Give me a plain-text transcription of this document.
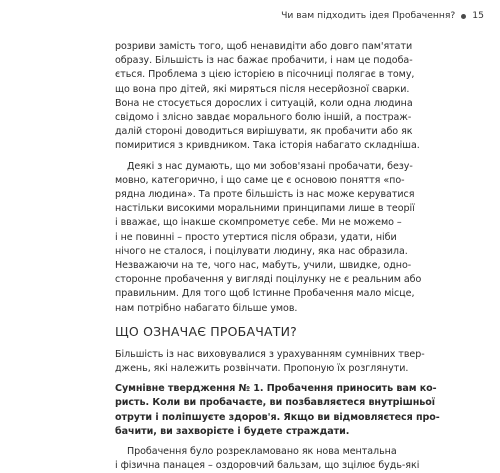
Чи вам підходить ідея Пробачення? 15
розриви замість того, щоб ненавидіти або довго пам'ятати
образу. Більшість із нас бажає пробачити, і нам це подоба-
ється. Проблема з цією історією в пісочниці полягає в тому,
що вона про дітей, які миряться після несерйозної сварки.
Вона не стосується дорослих і ситуацій, коли одна людина
свідомо і злісно завдає морального болю іншій, а постраж-
далій стороні доводиться вирішувати, як пробачити або як
помиритися з кривдником. Така історія набагато складніша.
Деякі з нас думають, що ми зобов'язані пробачати, безу-
мовно, категорично, і що саме це є основою поняття «по-
рядна людина». Та проте більшість із нас може керуватися
настільки високими моральними принципами лише в теорії
і вважає, що інакше скомпрометує себе. Ми не можемо –
і не повинні – просто утертися після образи, удати, ніби
нічого не сталося, і поцілувати людину, яка нас образила.
Незважаючи на те, чого нас, мабуть, учили, швидке, одно-
сторонне пробачення у вигляді поцілунку не є реальним або
правильним. Для того щоб Істинне Пробачення мало місце,
нам потрібно набагато більше умов.
ЩО ОЗНАЧАЄ ПРОБАЧАТИ?
Більшість із нас виховувалися з урахуванням сумнівних твер-
джень, які належить розвінчати. Пропоную їх розглянути.
Сумнівне твердження № 1. Пробачення приносить вам ко-
ристь. Коли ви пробачаєте, ви позбавляєтеся внутрішньої
отрути і поліпшуєте здоров'я. Якщо ви відмовляєтеся про-
бачити, ви захворієте і будете страждати.
Пробачення було розрекламовано як нова ментальна
і фізична панацея – оздоровчий бальзам, що зцілює будь-які
